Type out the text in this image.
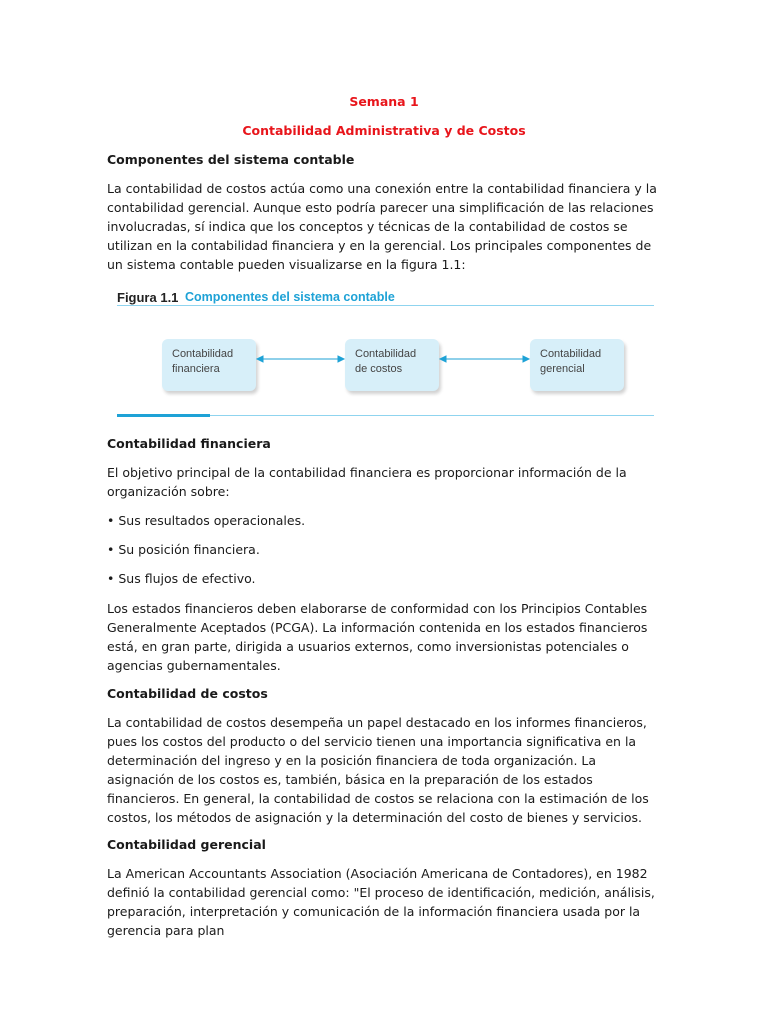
Semana 1
Contabilidad Administrativa y de Costos
Componentes del sistema contable

La contabilidad de costos actúa como una conexión entre la contabilidad financiera y la contabilidad gerencial. Aunque esto podría parecer una simplificación de las relaciones involucradas, sí indica que los conceptos y técnicas de la contabilidad de costos se utilizan en la contabilidad financiera y en la gerencial. Los principales componentes de un sistema contable pueden visualizarse en la figura 1.1:

Figura 1.1 Componentes del sistema contable
Contabilidad
financiera
Contabilidad
de costos
Contabilidad
gerencial
Contabilidad financiera

El objetivo principal de la contabilidad financiera es proporcionar información de la organización sobre:

• Sus resultados operacionales.
• Su posición financiera.
• Sus flujos de efectivo.

Los estados financieros deben elaborarse de conformidad con los Principios Contables Generalmente Aceptados (PCGA). La información contenida en los estados financieros está, en gran parte, dirigida a usuarios externos, como inversionistas potenciales o agencias gubernamentales.

Contabilidad de costos

La contabilidad de costos desempeña un papel destacado en los informes financieros, pues los costos del producto o del servicio tienen una importancia significativa en la determinación del ingreso y en la posición financiera de toda organización. La asignación de los costos es, también, básica en la preparación de los estados financieros. En general, la contabilidad de costos se relaciona con la estimación de los costos, los métodos de asignación y la determinación del costo de bienes y servicios.

Contabilidad gerencial

La American Accountants Association (Asociación Americana de Contadores), en 1982 definió la contabilidad gerencial como: "El proceso de identificación, medición, análisis, preparación, interpretación y comunicación de la información financiera usada por la gerencia para plan
